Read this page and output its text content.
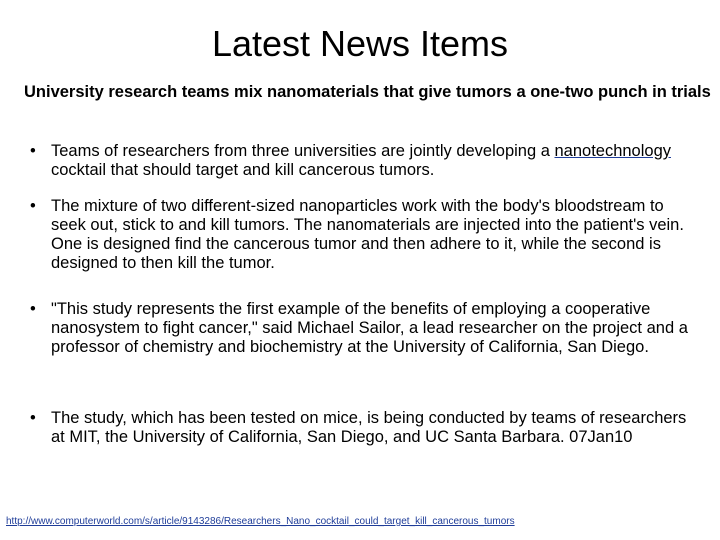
Latest News Items

University research teams mix nanomaterials that give tumors a one-two punch in trials

• Teams of researchers from three universities are jointly developing a nanotechnology cocktail that should target and kill cancerous tumors.
• The mixture of two different-sized nanoparticles work with the body's bloodstream to seek out, stick to and kill tumors. The nanomaterials are injected into the patient's vein. One is designed find the cancerous tumor and then adhere to it, while the second is designed to then kill the tumor.
• "This study represents the first example of the benefits of employing a cooperative nanosystem to fight cancer," said Michael Sailor, a lead researcher on the project and a professor of chemistry and biochemistry at the University of California, San Diego.
• The study, which has been tested on mice, is being conducted by teams of researchers at MIT, the University of California, San Diego, and UC Santa Barbara. 07Jan10
http://www.computerworld.com/s/article/9143286/Researchers_Nano_cocktail_could_target_kill_cancerous_tumors
